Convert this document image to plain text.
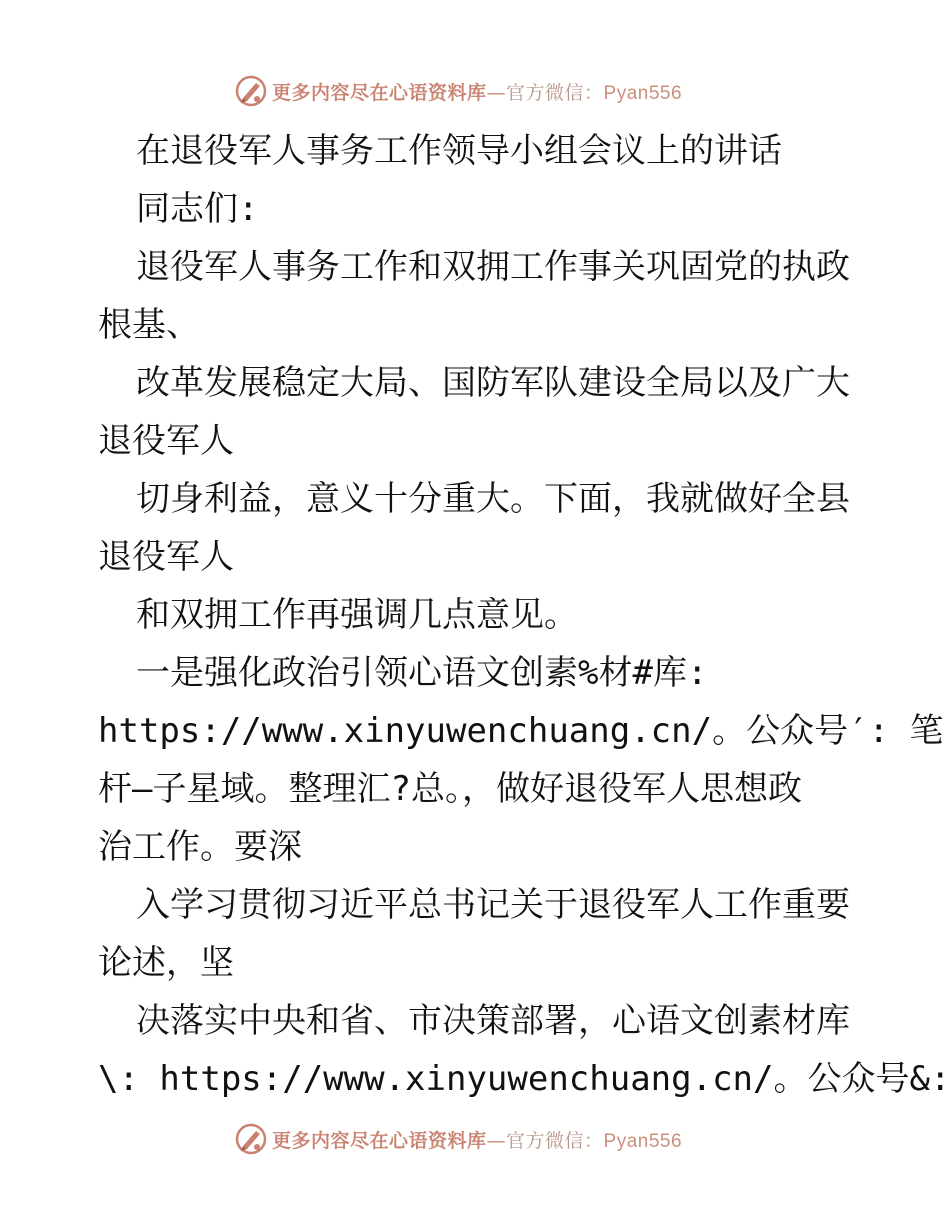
更多内容尽在心语资料库—官方微信：Pyan556
在退役军人事务工作领导小组会议上的讲话
同志们:
退役军人事务工作和双拥工作事关巩固党的执政
根基、
改革发展稳定大局、国防军队建设全局以及广大
退役军人
切身利益，意义十分重大。下面，我就做好全县
退役军人
和双拥工作再强调几点意见。
一是强化政治引领心语文创素%材#库:
https://www.xinyuwenchuang.cn/。公众号′: 笔
杆—子星域。整理汇?总。，做好退役军人思想政
治工作。要深
入学习贯彻习近平总书记关于退役军人工作重要
论述，坚
决落实中央和省、市决策部署，心语文创素材库
\: https://www.xinyuwenchuang.cn/。公众号&:
更多内容尽在心语资料库—官方微信：Pyan556
